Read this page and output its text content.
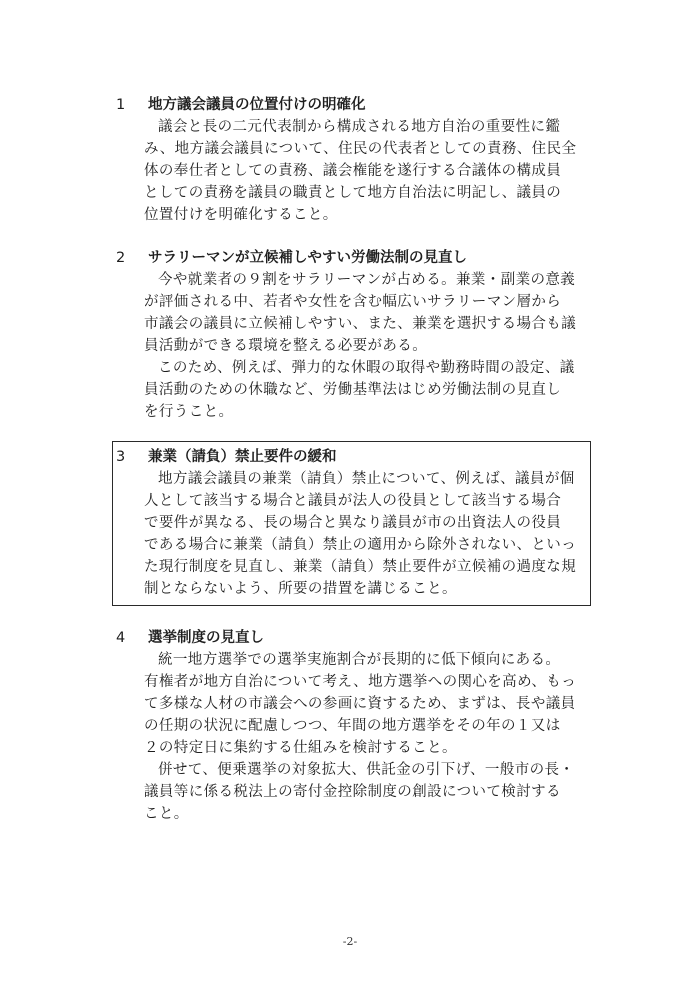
1	地方議会議員の位置付けの明確化
議会と長の二元代表制から構成される地方自治の重要性に鑑
み、地方議会議員について、住民の代表者としての責務、住民全
体の奉仕者としての責務、議会権能を遂行する合議体の構成員
としての責務を議員の職責として地方自治法に明記し、議員の
位置付けを明確化すること。
2	サラリーマンが立候補しやすい労働法制の見直し
今や就業者の９割をサラリーマンが占める。兼業・副業の意義
が評価される中、若者や女性を含む幅広いサラリーマン層から
市議会の議員に立候補しやすい、また、兼業を選択する場合も議
員活動ができる環境を整える必要がある。
このため、例えば、弾力的な休暇の取得や勤務時間の設定、議
員活動のための休職など、労働基準法はじめ労働法制の見直し
を行うこと。
3	兼業（請負）禁止要件の緩和
地方議会議員の兼業（請負）禁止について、例えば、議員が個
人として該当する場合と議員が法人の役員として該当する場合
で要件が異なる、長の場合と異なり議員が市の出資法人の役員
である場合に兼業（請負）禁止の適用から除外されない、といっ
た現行制度を見直し、兼業（請負）禁止要件が立候補の過度な規
制とならないよう、所要の措置を講じること。
4	選挙制度の見直し
統一地方選挙での選挙実施割合が長期的に低下傾向にある。
有権者が地方自治について考え、地方選挙への関心を高め、もっ
て多様な人材の市議会への参画に資するため、まずは、長や議員
の任期の状況に配慮しつつ、年間の地方選挙をその年の１又は
２の特定日に集約する仕組みを検討すること。
併せて、便乗選挙の対象拡大、供託金の引下げ、一般市の長・
議員等に係る税法上の寄付金控除制度の創設について検討する
こと。
-2-
